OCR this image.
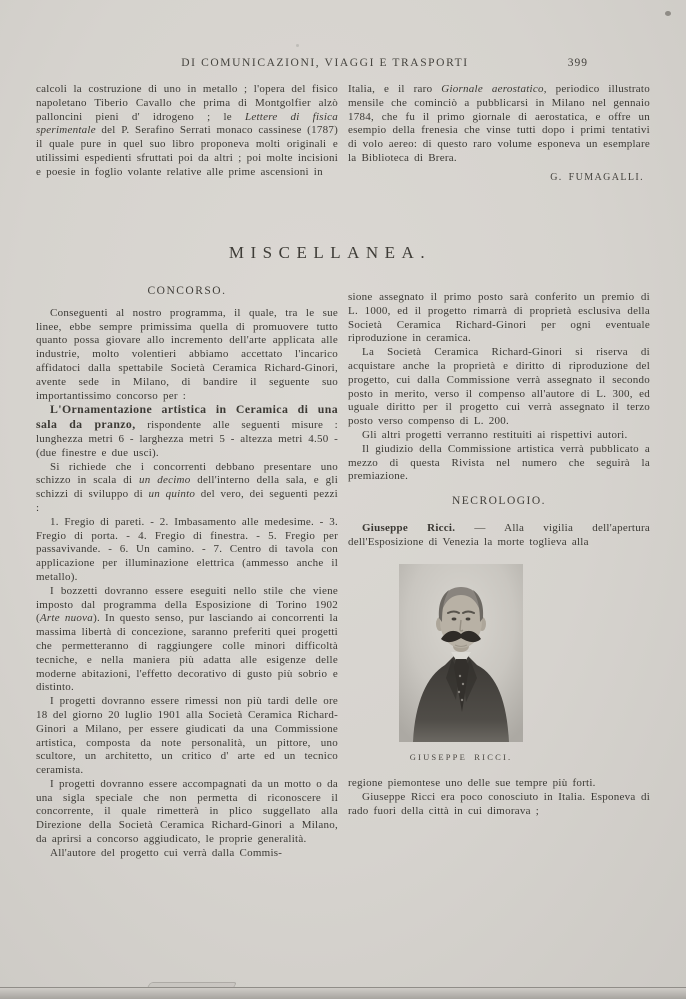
DI COMUNICAZIONI, VIAGGI E TRASPORTI	399

calcoli la costruzione di uno in metallo ; l'opera del fisico napoletano Tiberio Cavallo che prima di Montgolfier alzò palloncini pieni d' idrogeno ; le Lettere di fisica sperimentale del P. Serafino Serrati monaco cassinese (1787) il quale pure in quel suo libro proponeva molti originali e utilissimi espedienti sfruttati poi da altri ; poi molte incisioni e poesie in foglio volante relative alle prime ascensioni in

Italia, e il raro Giornale aerostatico, periodico illustrato mensile che cominciò a pubblicarsi in Milano nel gennaio 1784, che fu il primo giornale di aerostatica, e offre un esempio della frenesia che vinse tutti dopo i primi tentativi di volo aereo: di questo raro volume esponeva un esemplare la Biblioteca di Brera.

G. FUMAGALLI.

MISCELLANEA.

CONCORSO.

Conseguenti al nostro programma, il quale, tra le sue linee, ebbe sempre primissima quella di promuovere tutto quanto possa giovare allo incremento dell'arte applicata alle industrie, molto volentieri abbiamo accettato l'incarico affidatoci dalla spettabile Società Ceramica Richard-Ginori, avente sede in Milano, di bandire il seguente suo importantissimo concorso per :

L'Ornamentazione artistica in Ceramica di una sala da pranzo, rispondente alle seguenti misure : lunghezza metri 6 - larghezza metri 5 - altezza metri 4.50 - (due finestre e due usci).

Si richiede che i concorrenti debbano presentare uno schizzo in scala di un decimo dell'interno della sala, e gli schizzi di sviluppo di un quinto del vero, dei seguenti pezzi :

1. Fregio di pareti. - 2. Imbasamento alle medesime. - 3. Fregio di porta. - 4. Fregio di finestra. - 5. Fregio per passavivande. - 6. Un camino. - 7. Centro di tavola con applicazione per illuminazione elettrica (ammesso anche il metallo).

I bozzetti dovranno essere eseguiti nello stile che viene imposto dal programma della Esposizione di Torino 1902 (Arte nuova). In questo senso, pur lasciando ai concorrenti la massima libertà di concezione, saranno preferiti quei progetti che permetteranno di raggiungere colle minori difficoltà tecniche, e nella maniera più adatta alle esigenze delle moderne abitazioni, l'effetto decorativo di gusto più sobrio e distinto.

I progetti dovranno essere rimessi non più tardi delle ore 18 del giorno 20 luglio 1901 alla Società Ceramica Richard-Ginori a Milano, per essere giudicati da una Commissione artistica, composta da note personalità, un pittore, uno scultore, un architetto, un critico d' arte ed un tecnico ceramista.

I progetti dovranno essere accompagnati da un motto o da una sigla speciale che non permetta di riconoscere il concorrente, il quale rimetterà in plico suggellato alla Direzione della Società Ceramica Richard-Ginori a Milano, da aprirsi a concorso aggiudicato, le proprie generalità.

All'autore del progetto cui verrà dalla Commis-

sione assegnato il primo posto sarà conferito un premio di L. 1000, ed il progetto rimarrà di proprietà esclusiva della Società Ceramica Richard-Ginori per ogni eventuale riproduzione in ceramica.

La Società Ceramica Richard-Ginori si riserva di acquistare anche la proprietà e diritto di riproduzione del progetto, cui dalla Commissione verrà assegnato il secondo posto in merito, verso il compenso all'autore di L. 300, ed uguale diritto per il progetto cui verrà assegnato il terzo posto verso compenso di L. 200.

Gli altri progetti verranno restituiti ai rispettivi autori.

Il giudizio della Commissione artistica verrà pubblicato a mezzo di questa Rivista nel numero che seguirà la premiazione.

NECROLOGIO.

Giuseppe Ricci. — Alla vigilia dell'apertura dell'Esposizione di Venezia la morte toglieva alla

GIUSEPPE RICCI.

regione piemontese uno delle sue tempre più forti.

Giuseppe Ricci era poco conosciuto in Italia. Esponeva di rado fuori della città in cui dimorava ;
